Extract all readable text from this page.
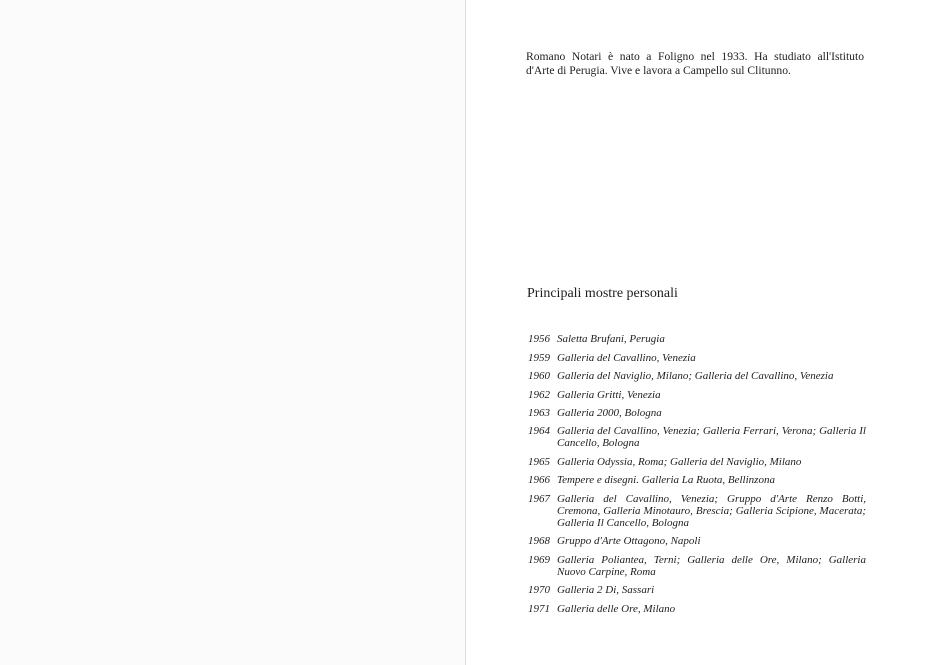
Romano Notari è nato a Foligno nel 1933. Ha studiato all'Istituto
d'Arte di Perugia. Vive e lavora a Campello sul Clitunno.
Principali mostre personali
1956 Saletta Brufani, Perugia
1959 Galleria del Cavallino, Venezia
1960 Galleria del Naviglio, Milano; Galleria del Cavallino, Venezia
1962 Galleria Gritti, Venezia
1963 Galleria 2000, Bologna
1964 Galleria del Cavallino, Venezia; Galleria Ferrari, Verona; Galleria Il Cancello, Bologna
1965 Galleria Odyssia, Roma; Galleria del Naviglio, Milano
1966 Tempere e disegni. Galleria La Ruota, Bellinzona
1967 Galleria del Cavallino, Venezia; Gruppo d'Arte Renzo Botti, Cremona, Galleria Minotauro, Brescia; Galleria Scipione, Macerata; Galleria Il Cancello, Bologna
1968 Gruppo d'Arte Ottagono, Napoli
1969 Galleria Poliantea, Terni; Galleria delle Ore, Milano; Galleria Nuovo Carpine, Roma
1970 Galleria 2 Di, Sassari
1971 Galleria delle Ore, Milano
